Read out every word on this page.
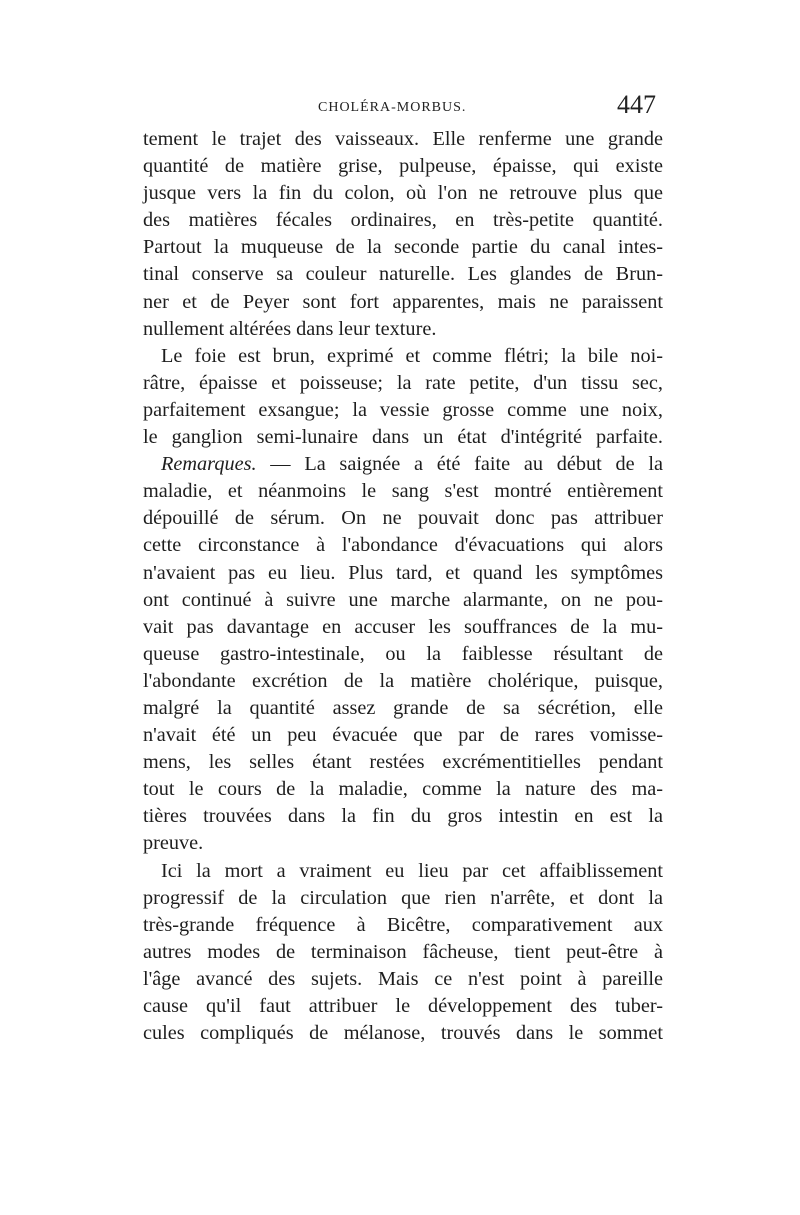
CHOLÉRA-MORBUS.	447
tement le trajet des vaisseaux. Elle renferme une grande
quantité de matière grise, pulpeuse, épaisse, qui existe
jusque vers la fin du colon, où l'on ne retrouve plus que
des matières fécales ordinaires, en très-petite quantité.
Partout la muqueuse de la seconde partie du canal intes-
tinal conserve sa couleur naturelle. Les glandes de Brun-
ner et de Peyer sont fort apparentes, mais ne paraissent
nullement altérées dans leur texture.
Le foie est brun, exprimé et comme flétri; la bile noi-
râtre, épaisse et poisseuse; la rate petite, d'un tissu sec,
parfaitement exsangue; la vessie grosse comme une noix,
le ganglion semi-lunaire dans un état d'intégrité parfaite.
Remarques. — La saignée a été faite au début de la
maladie, et néanmoins le sang s'est montré entièrement
dépouillé de sérum. On ne pouvait donc pas attribuer
cette circonstance à l'abondance d'évacuations qui alors
n'avaient pas eu lieu. Plus tard, et quand les symptômes
ont continué à suivre une marche alarmante, on ne pou-
vait pas davantage en accuser les souffrances de la mu-
queuse gastro-intestinale, ou la faiblesse résultant de
l'abondante excrétion de la matière cholérique, puisque,
malgré la quantité assez grande de sa sécrétion, elle
n'avait été un peu évacuée que par de rares vomisse-
mens, les selles étant restées excrémentitielles pendant
tout le cours de la maladie, comme la nature des ma-
tières trouvées dans la fin du gros intestin en est la
preuve.
Ici la mort a vraiment eu lieu par cet affaiblissement
progressif de la circulation que rien n'arrête, et dont la
très-grande fréquence à Bicêtre, comparativement aux
autres modes de terminaison fâcheuse, tient peut-être à
l'âge avancé des sujets. Mais ce n'est point à pareille
cause qu'il faut attribuer le développement des tuber-
cules compliqués de mélanose, trouvés dans le sommet
